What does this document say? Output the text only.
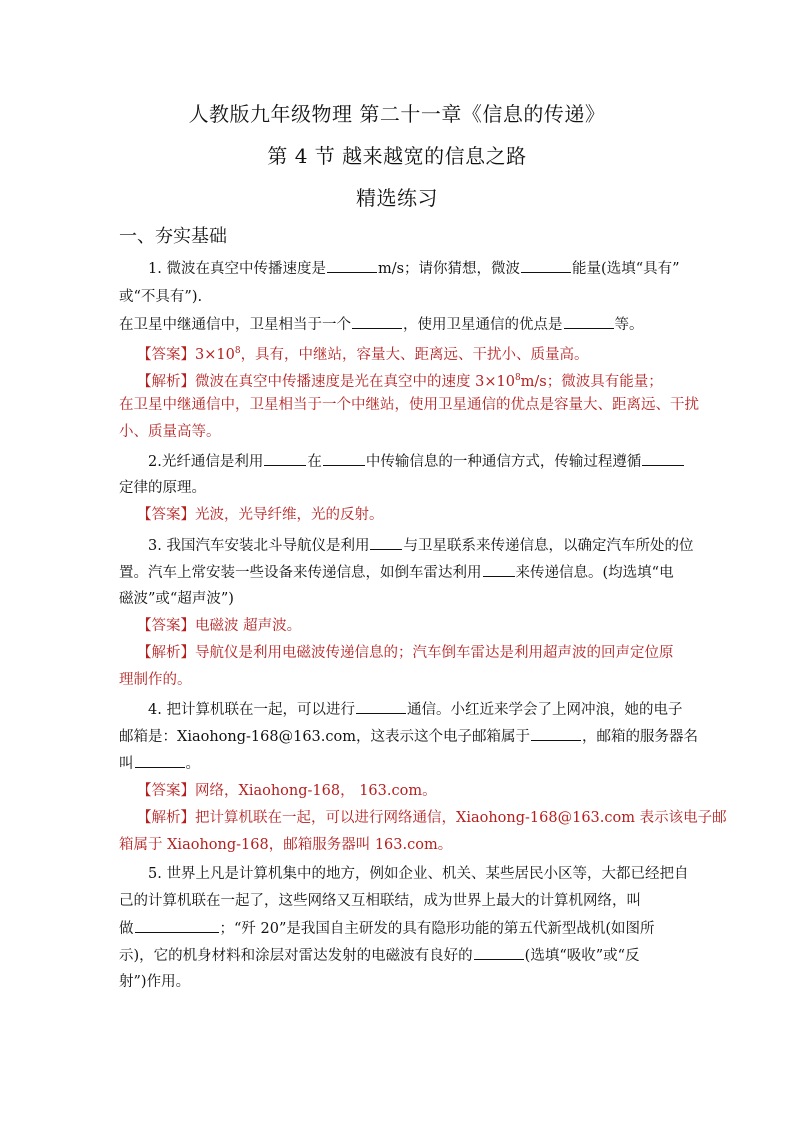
人教版九年级物理 第二十一章《信息的传递》
第 4 节 越来越宽的信息之路
精选练习
一、夯实基础
1. 微波在真空中传播速度是	m/s；请你猜想，微波	能量(选填“具有”
或“不具有”).
在卫星中继通信中，卫星相当于一个	，使用卫星通信的优点是	等。
【答案】$3\times 10^8$，具有，中继站，容量大、距离远、干扰小、质量高。
【解析】微波在真空中传播速度是光在真空中的速度 $3\times 10^8m/s$；微波具有能量；
在卫星中继通信中，卫星相当于一个中继站，使用卫星通信的优点是容量大、距离远、干扰
小、质量高等。
2.光纤通信是利用	在	中传输信息的一种通信方式，传输过程遵循
定律的原理。
【答案】光波，光导纤维，光的反射。
3. 我国汽车安装北斗导航仪是利用 与卫星联系来传递信息，以确定汽车所处的位
置。汽车上常安装一些设备来传递信息，如倒车雷达利用 来传递信息。(均选填“电
磁波”或“超声波”)
【答案】电磁波 超声波。
【解析】导航仪是利用电磁波传递信息的；汽车倒车雷达是利用超声波的回声定位原
理制作的。
4. 把计算机联在一起，可以进行	通信。小红近来学会了上网冲浪，她的电子
邮箱是：Xiaohong-168@163.com，这表示这个电子邮箱属于	，邮箱的服务器名
叫	。
【答案】网络，Xiaohong-168， 163.com。
【解析】把计算机联在一起，可以进行网络通信，Xiaohong-168@163.com 表示该电子邮
箱属于 Xiaohong-168，邮箱服务器叫 163.com。
5. 世界上凡是计算机集中的地方，例如企业、机关、某些居民小区等，大都已经把自
己的计算机联在一起了，这些网络又互相联结，成为世界上最大的计算机网络，叫
做	；“歼 20”是我国自主研发的具有隐形功能的第五代新型战机(如图所
示)，它的机身材料和涂层对雷达发射的电磁波有良好的	(选填“吸收”或“反
射”)作用。
